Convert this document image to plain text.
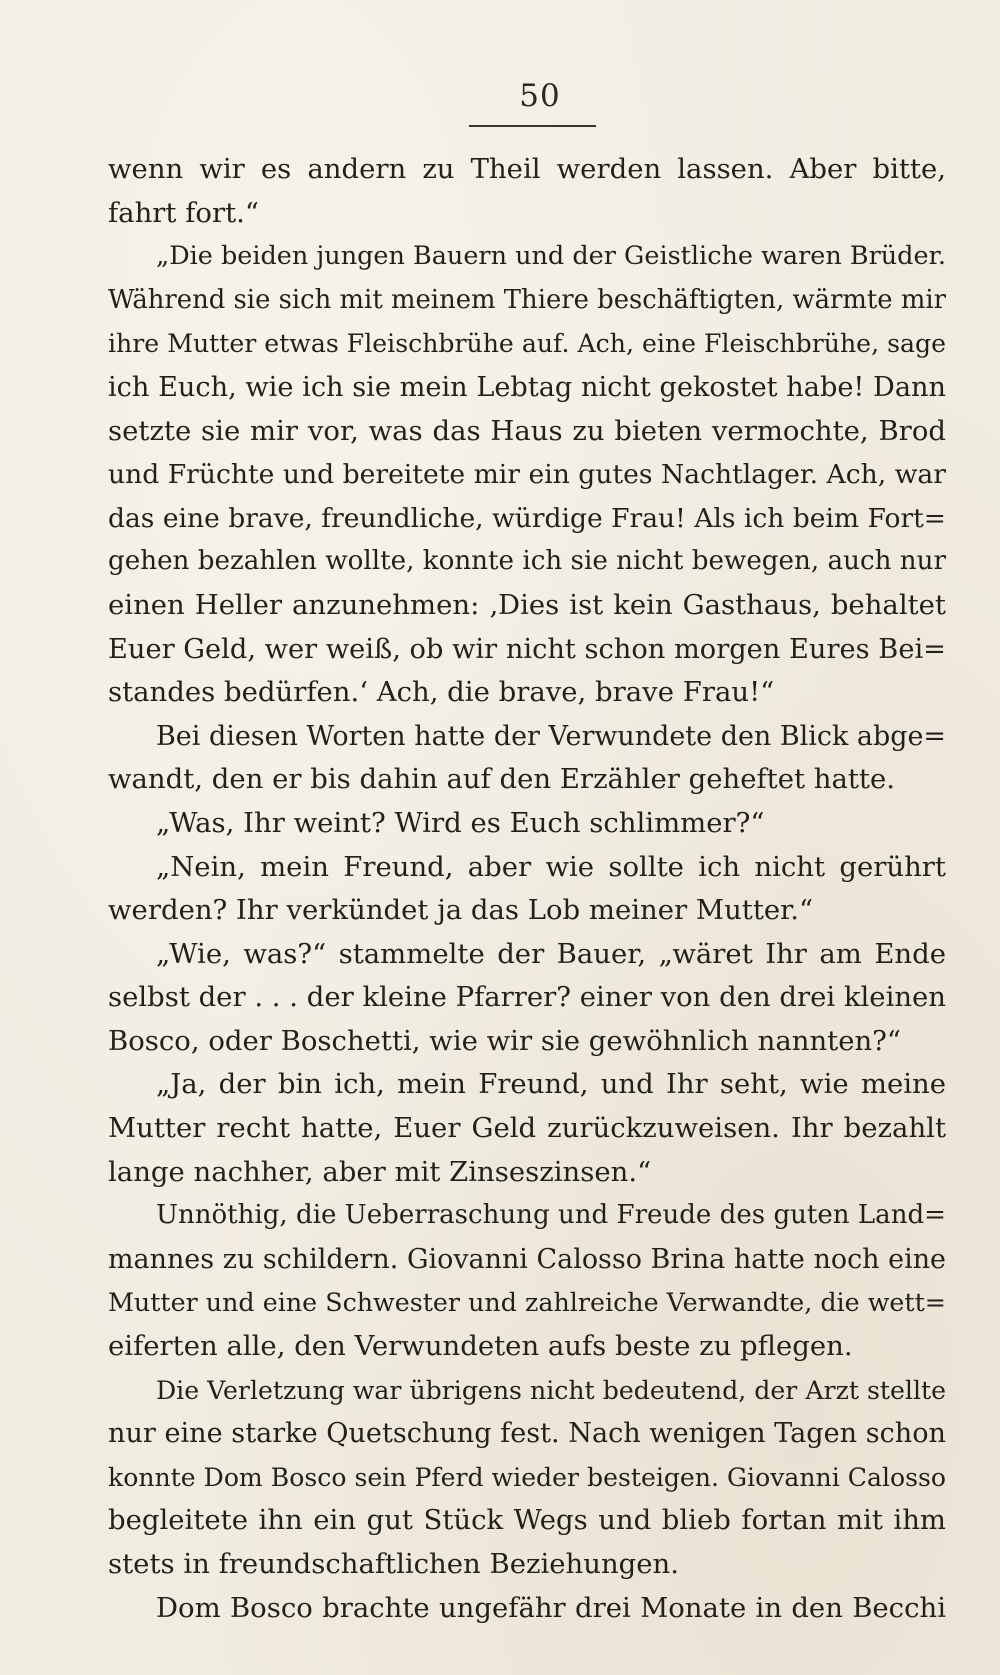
50
wenn wir es andern zu Theil werden lassen. Aber bitte,
fahrt fort.“
„Die beiden jungen Bauern und der Geistliche waren Brüder.
Während sie sich mit meinem Thiere beschäftigten, wärmte mir
ihre Mutter etwas Fleischbrühe auf. Ach, eine Fleischbrühe, sage
ich Euch, wie ich sie mein Lebtag nicht gekostet habe! Dann
setzte sie mir vor, was das Haus zu bieten vermochte, Brod
und Früchte und bereitete mir ein gutes Nachtlager. Ach, war
das eine brave, freundliche, würdige Frau! Als ich beim Fort=
gehen bezahlen wollte, konnte ich sie nicht bewegen, auch nur
einen Heller anzunehmen: ‚Dies ist kein Gasthaus, behaltet
Euer Geld, wer weiß, ob wir nicht schon morgen Eures Bei=
standes bedürfen.‘ Ach, die brave, brave Frau!“
Bei diesen Worten hatte der Verwundete den Blick abge=
wandt, den er bis dahin auf den Erzähler geheftet hatte.
„Was, Ihr weint? Wird es Euch schlimmer?“
„Nein, mein Freund, aber wie sollte ich nicht gerührt
werden? Ihr verkündet ja das Lob meiner Mutter.“
„Wie, was?“ stammelte der Bauer, „wäret Ihr am Ende
selbst der . . . der kleine Pfarrer? einer von den drei kleinen
Bosco, oder Boschetti, wie wir sie gewöhnlich nannten?“
„Ja, der bin ich, mein Freund, und Ihr seht, wie meine
Mutter recht hatte, Euer Geld zurückzuweisen. Ihr bezahlt
lange nachher, aber mit Zinseszinsen.“
Unnöthig, die Ueberraschung und Freude des guten Land=
mannes zu schildern. Giovanni Calosso Brina hatte noch eine
Mutter und eine Schwester und zahlreiche Verwandte, die wett=
eiferten alle, den Verwundeten aufs beste zu pflegen.
Die Verletzung war übrigens nicht bedeutend, der Arzt stellte
nur eine starke Quetschung fest. Nach wenigen Tagen schon
konnte Dom Bosco sein Pferd wieder besteigen. Giovanni Calosso
begleitete ihn ein gut Stück Wegs und blieb fortan mit ihm
stets in freundschaftlichen Beziehungen.
Dom Bosco brachte ungefähr drei Monate in den Becchi
